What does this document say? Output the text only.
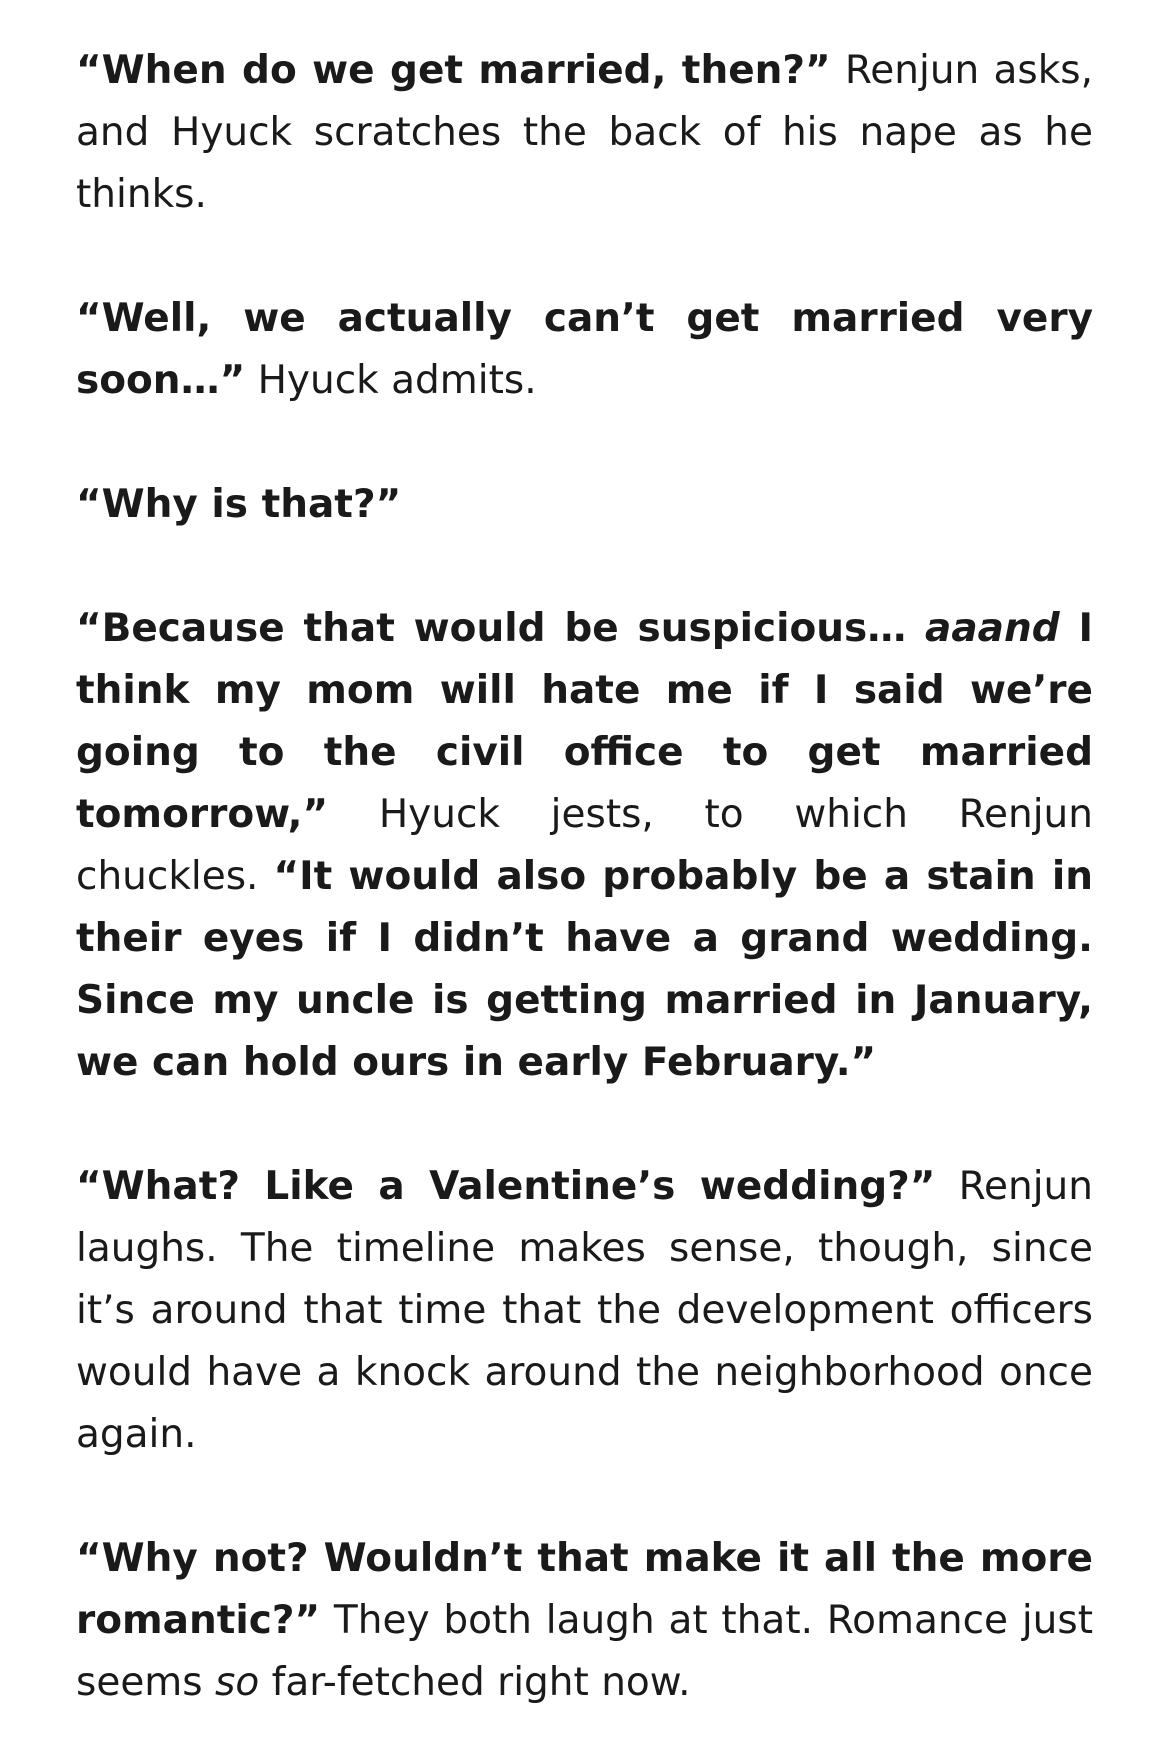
“When do we get married, then?” Renjun asks, and Hyuck scratches the back of his nape as he thinks.

“Well, we actually can’t get married very soon…” Hyuck admits.

“Why is that?”

“Because that would be suspicious… aaand I think my mom will hate me if I said we’re going to the civil office to get married tomorrow,” Hyuck jests, to which Renjun chuckles. “It would also probably be a stain in their eyes if I didn’t have a grand wedding. Since my uncle is getting married in January, we can hold ours in early February.”

“What? Like a Valentine’s wedding?” Renjun laughs. The timeline makes sense, though, since it’s around that time that the development officers would have a knock around the neighborhood once again.

“Why not? Wouldn’t that make it all the more romantic?” They both laugh at that. Romance just seems so far-fetched right now.
